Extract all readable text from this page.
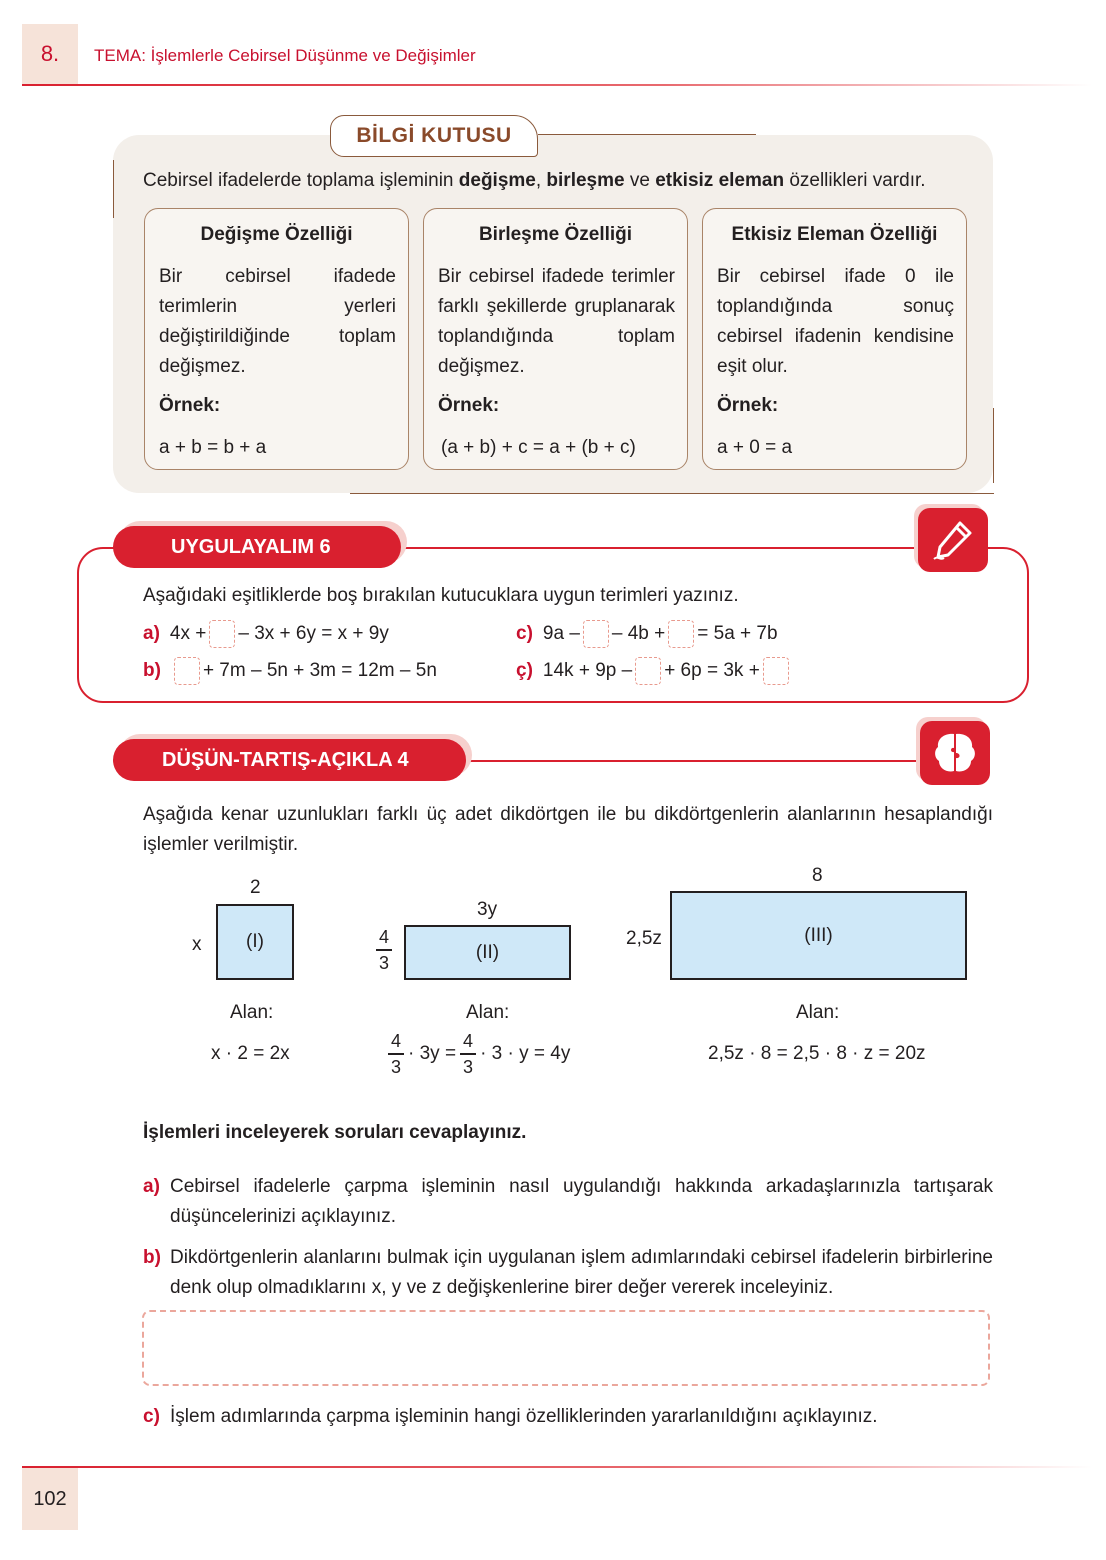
8.	TEMA: İşlemlerle Cebirsel Düşünme ve Değişimler
BİLGİ KUTUSU
Cebirsel ifadelerde toplama işleminin değişme, birleşme ve etkisiz eleman özellikleri vardır.
Değişme Özelliği
Bir cebirsel ifadede terimlerin yerleri değiştirildiğinde toplam değişmez.
Örnek:
a + b = b + a
Birleşme Özelliği
Bir cebirsel ifadede terimler farklı şekillerde gruplanarak toplandığında toplam değişmez.
Örnek:
(a + b) + c = a + (b + c)
Etkisiz Eleman Özelliği
Bir cebirsel ifade 0 ile toplandığında sonuç cebirsel ifadenin kendisine eşit olur.
Örnek:
a + 0 = a
UYGULAYALIM 6
Aşağıdaki eşitliklerde boş bırakılan kutucuklara uygun terimleri yazınız.
a) 4x + – 3x + 6y = x + 9y
b) + 7m – 5n + 3m = 12m – 5n
c) 9a – – 4b + = 5a + 7b
ç) 14k + 9p – + 6p = 3k +
DÜŞÜN-TARTIŞ-AÇIKLA 4
Aşağıda kenar uzunlukları farklı üç adet dikdörtgen ile bu dikdörtgenlerin alanlarının hesaplandığı işlemler verilmiştir.
2
x (I)
Alan:
x · 2 = 2x
3y
$\frac{4}{3}$	(II)
Alan:
$\frac{4}{3} \cdot 3y = \frac{4}{3} \cdot 3 \cdot y = 4y$
8
2,5z	(III)
Alan:
2,5z · 8 = 2,5 · 8 · z = 20z
İşlemleri inceleyerek soruları cevaplayınız.
a) Cebirsel ifadelerle çarpma işleminin nasıl uygulandığı hakkında arkadaşlarınızla tartışarak düşüncelerinizi açıklayınız.
b) Dikdörtgenlerin alanlarını bulmak için uygulanan işlem adımlarındaki cebirsel ifadelerin birbirlerine denk olup olmadıklarını x, y ve z değişkenlerine birer değer vererek inceleyiniz.
c) İşlem adımlarında çarpma işleminin hangi özelliklerinden yararlanıldığını açıklayınız.
102
